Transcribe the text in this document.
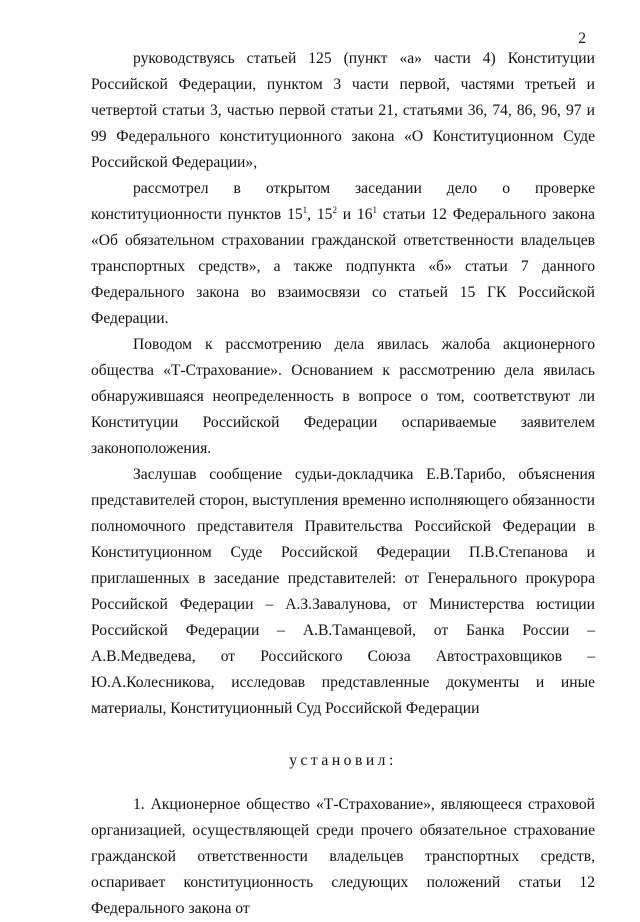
2

руководствуясь статьей 125 (пункт «а» части 4) Конституции Российской Федерации, пунктом 3 части первой, частями третьей и четвертой статьи 3, частью первой статьи 21, статьями 36, 74, 86, 96, 97 и 99 Федерального конституционного закона «О Конституционном Суде Российской Федерации»,

рассмотрел в открытом заседании дело о проверке конституционности пунктов $15^1$, $15^2$ и $16^1$ статьи 12 Федерального закона «Об обязательном страховании гражданской ответственности владельцев транспортных средств», а также подпункта «б» статьи 7 данного Федерального закона во взаимосвязи со статьей 15 ГК Российской Федерации.

Поводом к рассмотрению дела явилась жалоба акционерного общества «Т-Страхование». Основанием к рассмотрению дела явилась обнаружившаяся неопределенность в вопросе о том, соответствуют ли Конституции Российской Федерации оспариваемые заявителем законоположения.

Заслушав сообщение судьи-докладчика Е.В.Тарибо, объяснения представителей сторон, выступления временно исполняющего обязанности полномочного представителя Правительства Российской Федерации в Конституционном Суде Российской Федерации П.В.Степанова и приглашенных в заседание представителей: от Генерального прокурора Российской Федерации – А.З.Завалунова, от Министерства юстиции Российской Федерации – А.В.Таманцевой, от Банка России – А.В.Медведева, от Российского Союза Автостраховщиков – Ю.А.Колесникова, исследовав представленные документы и иные материалы, Конституционный Суд Российской Федерации

установил:

1. Акционерное общество «Т-Страхование», являющееся страховой организацией, осуществляющей среди прочего обязательное страхование гражданской ответственности владельцев транспортных средств, оспаривает конституционность следующих положений статьи 12 Федерального закона от
